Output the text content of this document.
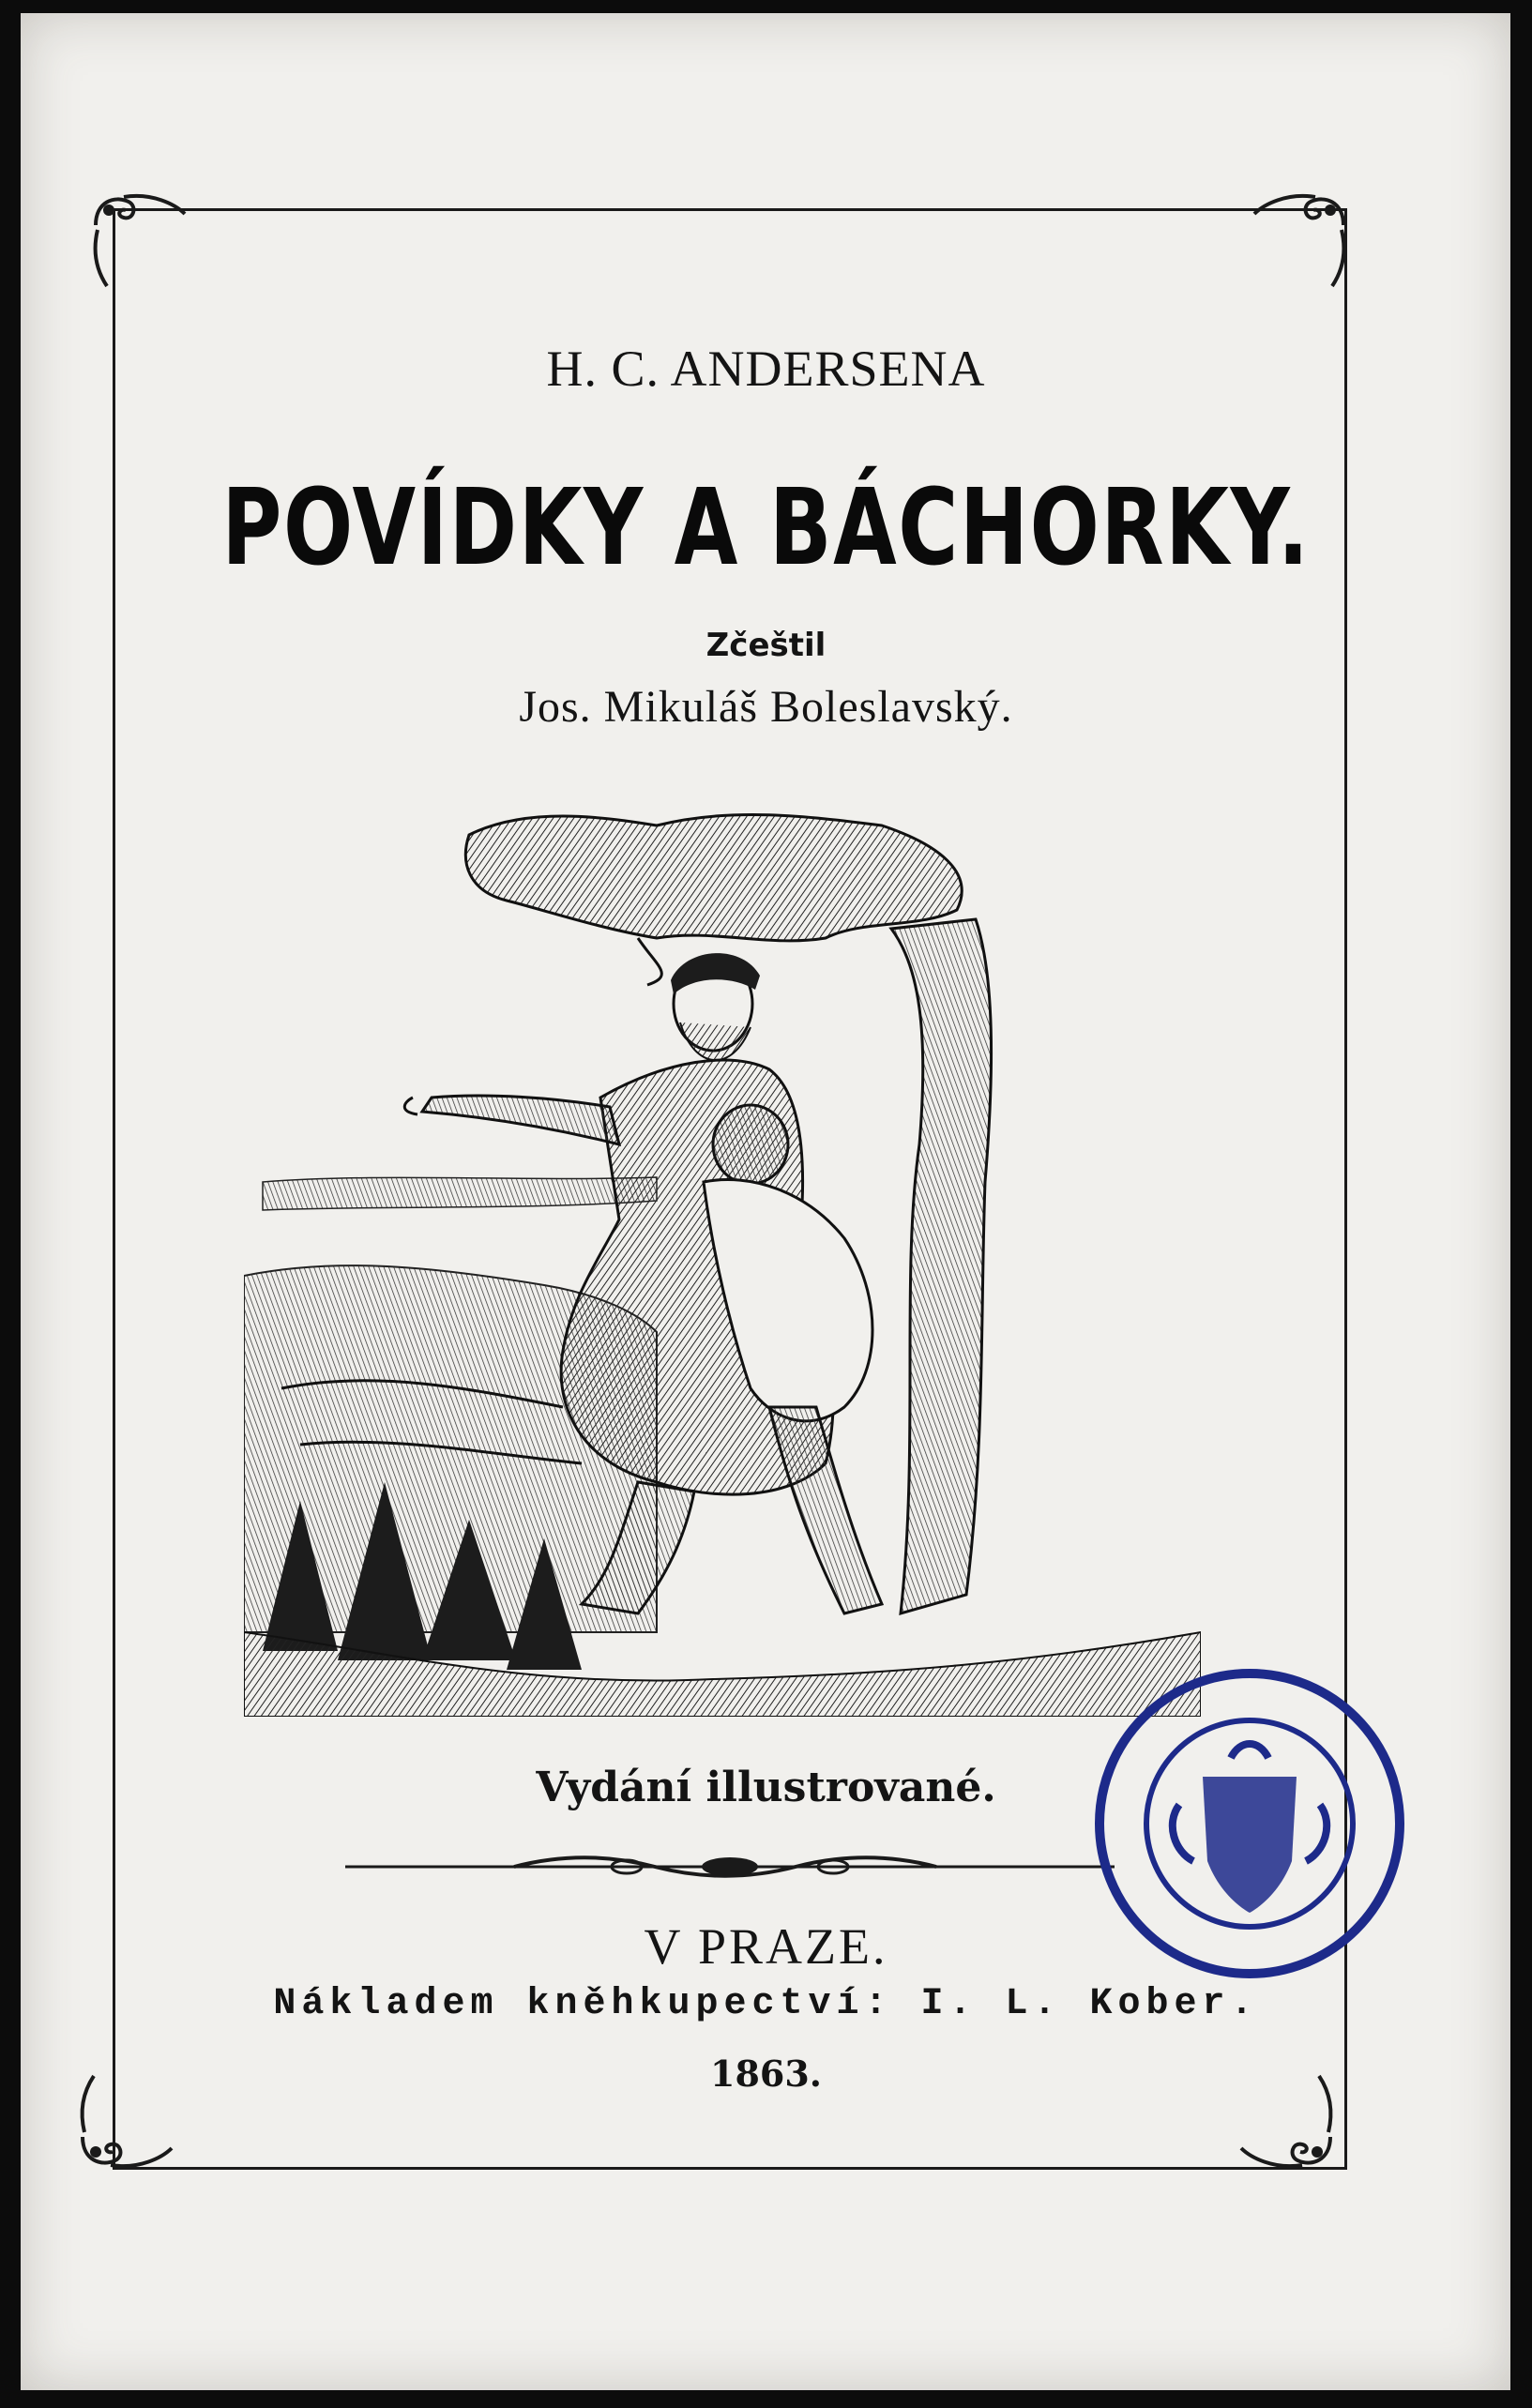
H. C. ANDERSENA
POVÍDKY A BÁCHORKY.
Zčeštil
Jos. Mikuláš Boleslavský.
Vydání illustrované.
V PRAZE.
Nákladem kněhkupectví: I. L. Kober.
1863.
